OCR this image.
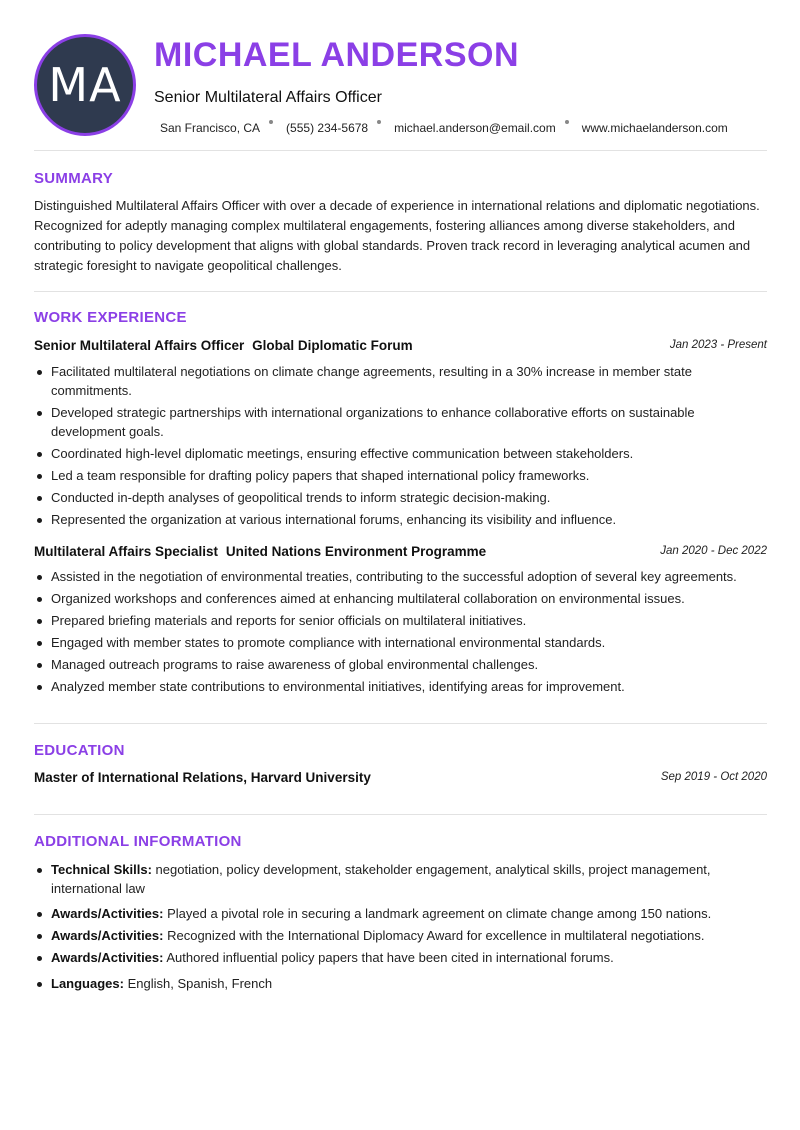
MA
MICHAEL ANDERSON
Senior Multilateral Affairs Officer
San Francisco, CA (555) 234-5678 michael.anderson@email.com www.michaelanderson.com
SUMMARY
Distinguished Multilateral Affairs Officer with over a decade of experience in international relations and diplomatic negotiations. Recognized for adeptly managing complex multilateral engagements, fostering alliances among diverse stakeholders, and contributing to policy development that aligns with global standards. Proven track record in leveraging analytical acumen and strategic foresight to navigate geopolitical challenges.
WORK EXPERIENCE
Senior Multilateral Affairs Officer Global Diplomatic Forum	Jan 2023 - Present
Facilitated multilateral negotiations on climate change agreements, resulting in a 30% increase in member state commitments.
Developed strategic partnerships with international organizations to enhance collaborative efforts on sustainable development goals.
Coordinated high-level diplomatic meetings, ensuring effective communication between stakeholders.
Led a team responsible for drafting policy papers that shaped international policy frameworks.
Conducted in-depth analyses of geopolitical trends to inform strategic decision-making.
Represented the organization at various international forums, enhancing its visibility and influence.
Multilateral Affairs Specialist United Nations Environment Programme	Jan 2020 - Dec 2022
Assisted in the negotiation of environmental treaties, contributing to the successful adoption of several key agreements.
Organized workshops and conferences aimed at enhancing multilateral collaboration on environmental issues.
Prepared briefing materials and reports for senior officials on multilateral initiatives.
Engaged with member states to promote compliance with international environmental standards.
Managed outreach programs to raise awareness of global environmental challenges.
Analyzed member state contributions to environmental initiatives, identifying areas for improvement.
EDUCATION
Master of International Relations, Harvard University	Sep 2019 - Oct 2020
ADDITIONAL INFORMATION
Technical Skills: negotiation, policy development, stakeholder engagement, analytical skills, project management, international law
Awards/Activities: Played a pivotal role in securing a landmark agreement on climate change among 150 nations.
Awards/Activities: Recognized with the International Diplomacy Award for excellence in multilateral negotiations.
Awards/Activities: Authored influential policy papers that have been cited in international forums.
Languages: English, Spanish, French
